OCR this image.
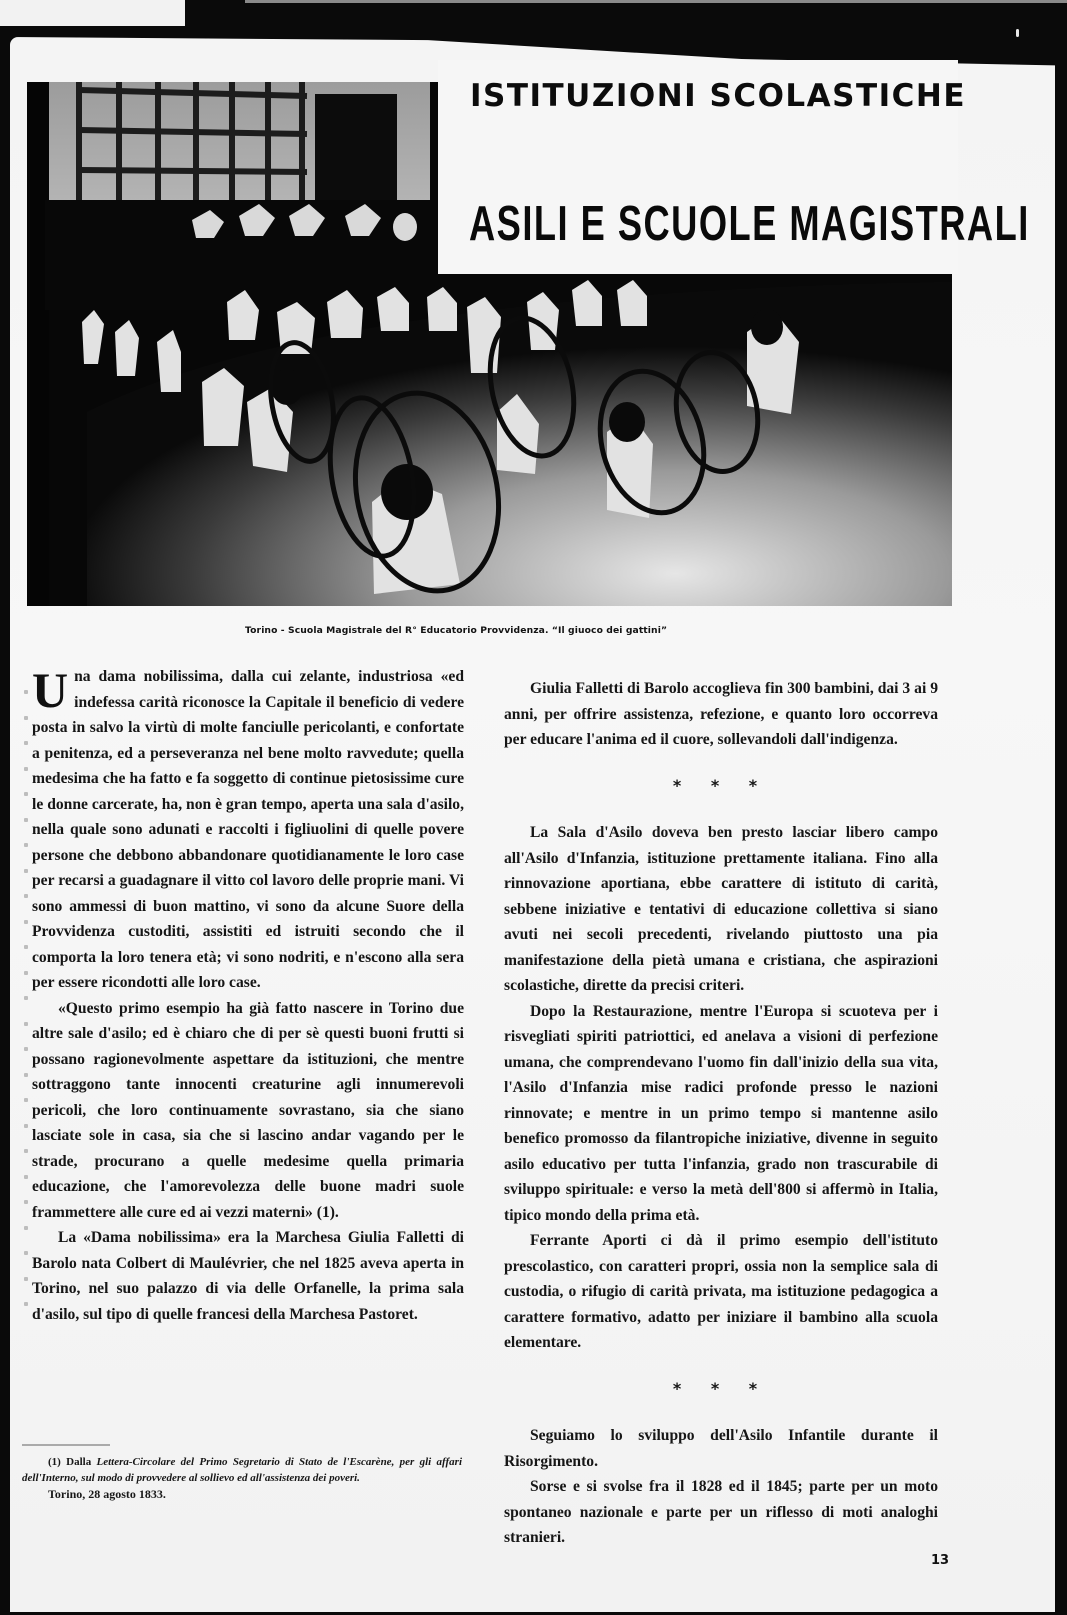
ISTITUZIONI SCOLASTICHE
ASILI E SCUOLE MAGISTRALI
Torino - Scuola Magistrale del R° Educatorio Provvidenza. “Il giuoco dei gattini”

Una dama nobilissima, dalla cui zelante, industriosa «ed indefessa carità riconosce la Capitale il beneficio di vedere posta in salvo la virtù di molte fanciulle pericolanti, e confortate a penitenza, ed a perseveranza nel bene molto ravvedute; quella medesima che ha fatto e fa soggetto di continue pietosissime cure le donne carcerate, ha, non è gran tempo, aperta una sala d'asilo, nella quale sono adunati e raccolti i figliuolini di quelle povere persone che debbono abbandonare quotidianamente le loro case per recarsi a guadagnare il vitto col lavoro delle proprie mani. Vi sono ammessi di buon mattino, vi sono da alcune Suore della Provvidenza custoditi, assistiti ed istruiti secondo che il comporta la loro tenera età; vi sono nodriti, e n'escono alla sera per essere ricondotti alle loro case.

«Questo primo esempio ha già fatto nascere in Torino due altre sale d'asilo; ed è chiaro che di per sè questi buoni frutti si possano ragionevolmente aspettare da istituzioni, che mentre sottraggono tante innocenti creaturine agli innumerevoli pericoli, che loro continuamente sovrastano, sia che siano lasciate sole in casa, sia che si lascino andar vagando per le strade, procurano a quelle medesime quella primaria educazione, che l'amorevolezza delle buone madri suole frammettere alle cure ed ai vezzi materni» (1).

La «Dama nobilissima» era la Marchesa Giulia Falletti di Barolo nata Colbert di Maulévrier, che nel 1825 aveva aperta in Torino, nel suo palazzo di via delle Orfanelle, la prima sala d'asilo, sul tipo di quelle francesi della Marchesa Pastoret.

(1) Dalla Lettera-Circolare del Primo Segretario di Stato de l'Escarène, per gli affari dell'Interno, sul modo di provvedere al sollievo ed all'assistenza dei poveri.
Torino, 28 agosto 1833.

Giulia Falletti di Barolo accoglieva fin 300 bambini, dai 3 ai 9 anni, per offrire assistenza, refezione, e quanto loro occorreva per educare l'anima ed il cuore, sollevandoli dall'indigenza.

* * *

La Sala d'Asilo doveva ben presto lasciar libero campo all'Asilo d'Infanzia, istituzione prettamente italiana. Fino alla rinnovazione aportiana, ebbe carattere di istituto di carità, sebbene iniziative e tentativi di educazione collettiva si siano avuti nei secoli precedenti, rivelando piuttosto una pia manifestazione della pietà umana e cristiana, che aspirazioni scolastiche, dirette da precisi criteri.

Dopo la Restaurazione, mentre l'Europa si scuoteva per i risvegliati spiriti patriottici, ed anelava a visioni di perfezione umana, che comprendevano l'uomo fin dall'inizio della sua vita, l'Asilo d'Infanzia mise radici profonde presso le nazioni rinnovate; e mentre in un primo tempo si mantenne asilo benefico promosso da filantropiche iniziative, divenne in seguito asilo educativo per tutta l'infanzia, grado non trascurabile di sviluppo spirituale: e verso la metà dell'800 si affermò in Italia, tipico mondo della prima età.

Ferrante Aporti ci dà il primo esempio dell'istituto prescolastico, con caratteri propri, ossia non la semplice sala di custodia, o rifugio di carità privata, ma istituzione pedagogica a carattere formativo, adatto per iniziare il bambino alla scuola elementare.

* * *

Seguiamo lo sviluppo dell'Asilo Infantile durante il Risorgimento.

Sorse e si svolse fra il 1828 ed il 1845; parte per un moto spontaneo nazionale e parte per un riflesso di moti analoghi stranieri.

13
